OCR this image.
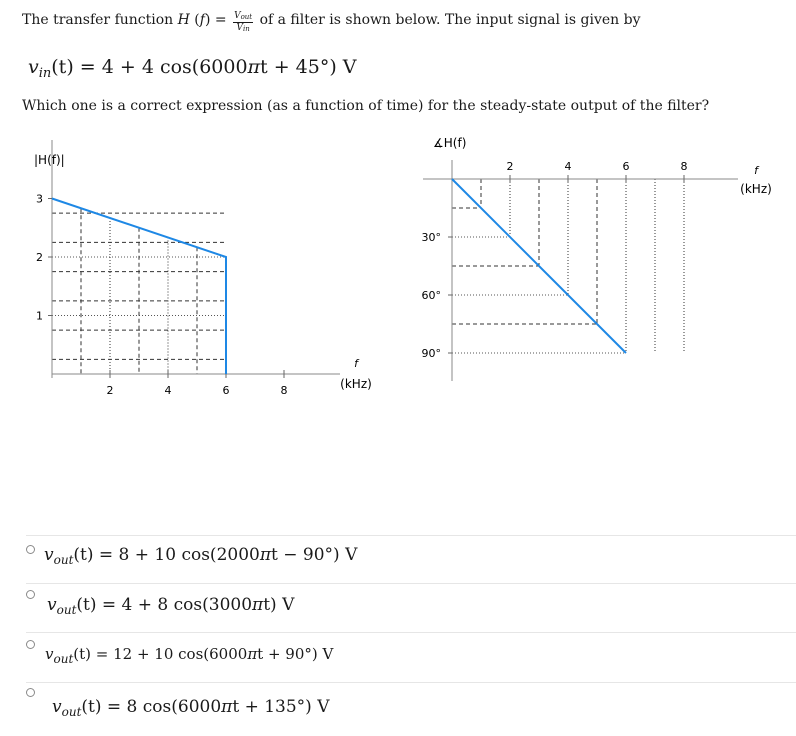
The transfer function H $(f) = \frac{V_{out}}{V_{in}}$ of a filter is shown below. The input signal is given by
$v_{in}(t) = 4 + 4$ cos(6000πt + 45°) V
Which one is a correct expression (as a function of time) for the steady-state output of the filter?
|H(f)|
3
2
1
2	4	6	8
f
(kHz)
∡H(f)
30°
60°
90°
2	4	6	8	f
(kHz)
$v_{out}(t) = 8 + 10$ cos(2000πt − 90°) V
$v_{out}(t) = 4 + 8$ cos(3000πt) V
$v_{out}(t) = 12 + 10$ cos(6000πt + 90°) V
$v_{out}(t) = 8$ cos(6000πt + 135°) V
